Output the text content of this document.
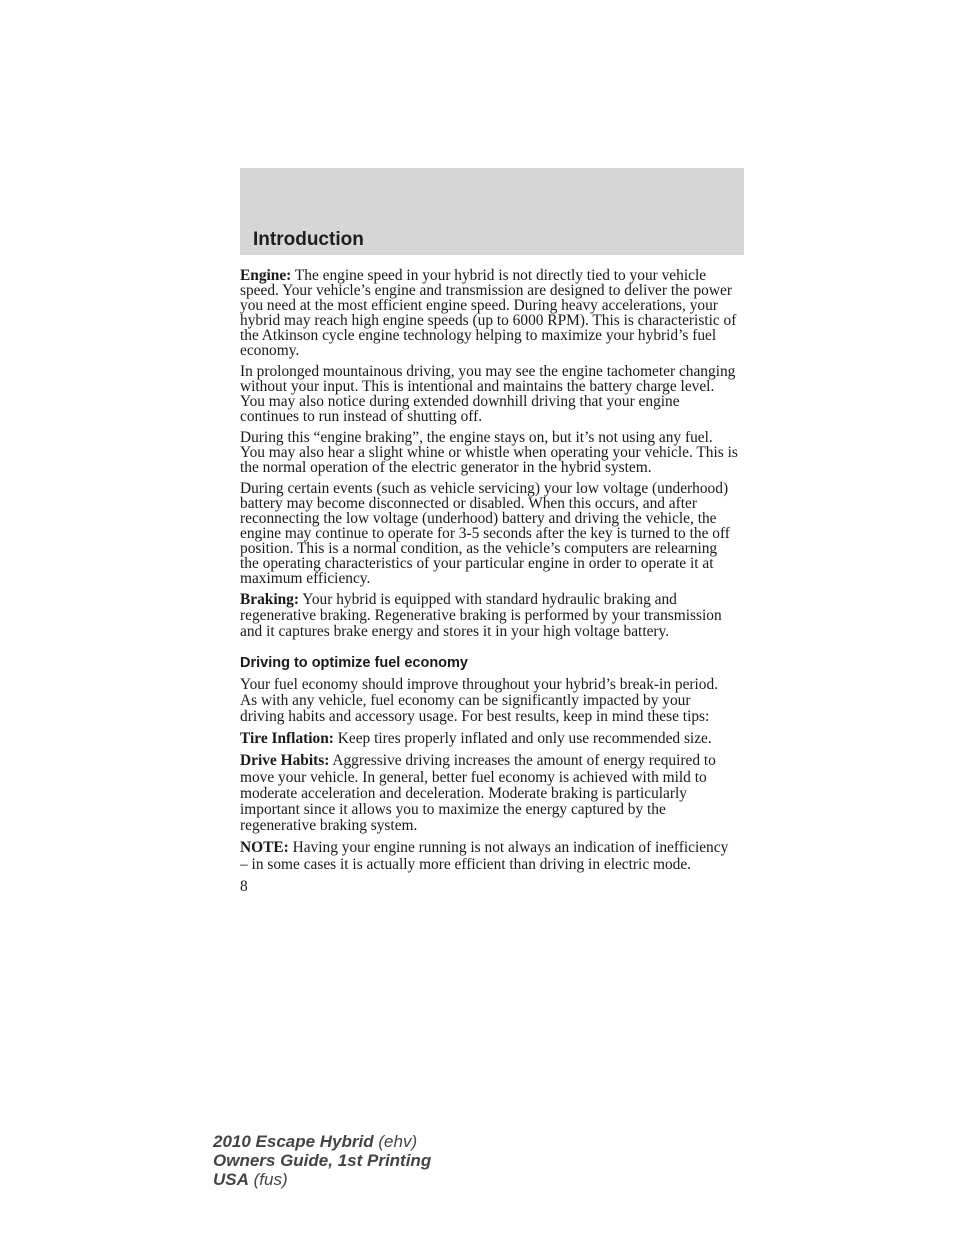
Introduction

Engine: The engine speed in your hybrid is not directly tied to your vehicle speed. Your vehicle’s engine and transmission are designed to deliver the power you need at the most efficient engine speed. During heavy accelerations, your hybrid may reach high engine speeds (up to 6000 RPM). This is characteristic of the Atkinson cycle engine technology helping to maximize your hybrid’s fuel economy.

In prolonged mountainous driving, you may see the engine tachometer changing without your input. This is intentional and maintains the battery charge level. You may also notice during extended downhill driving that your engine continues to run instead of shutting off.

During this “engine braking”, the engine stays on, but it’s not using any fuel. You may also hear a slight whine or whistle when operating your vehicle. This is the normal operation of the electric generator in the hybrid system.

During certain events (such as vehicle servicing) your low voltage (underhood) battery may become disconnected or disabled. When this occurs, and after reconnecting the low voltage (underhood) battery and driving the vehicle, the engine may continue to operate for 3-5 seconds after the key is turned to the off position. This is a normal condition, as the vehicle’s computers are relearning the operating characteristics of your particular engine in order to operate it at maximum efficiency.

Braking: Your hybrid is equipped with standard hydraulic braking and regenerative braking. Regenerative braking is performed by your transmission and it captures brake energy and stores it in your high voltage battery.

Driving to optimize fuel economy

Your fuel economy should improve throughout your hybrid’s break-in period. As with any vehicle, fuel economy can be significantly impacted by your driving habits and accessory usage. For best results, keep in mind these tips:

Tire Inflation: Keep tires properly inflated and only use recommended size.

Drive Habits: Aggressive driving increases the amount of energy required to move your vehicle. In general, better fuel economy is achieved with mild to moderate acceleration and deceleration. Moderate braking is particularly important since it allows you to maximize the energy captured by the regenerative braking system.

NOTE: Having your engine running is not always an indication of inefficiency – in some cases it is actually more efficient than driving in electric mode.

8
2010 Escape Hybrid (ehv)
Owners Guide, 1st Printing
USA (fus)
